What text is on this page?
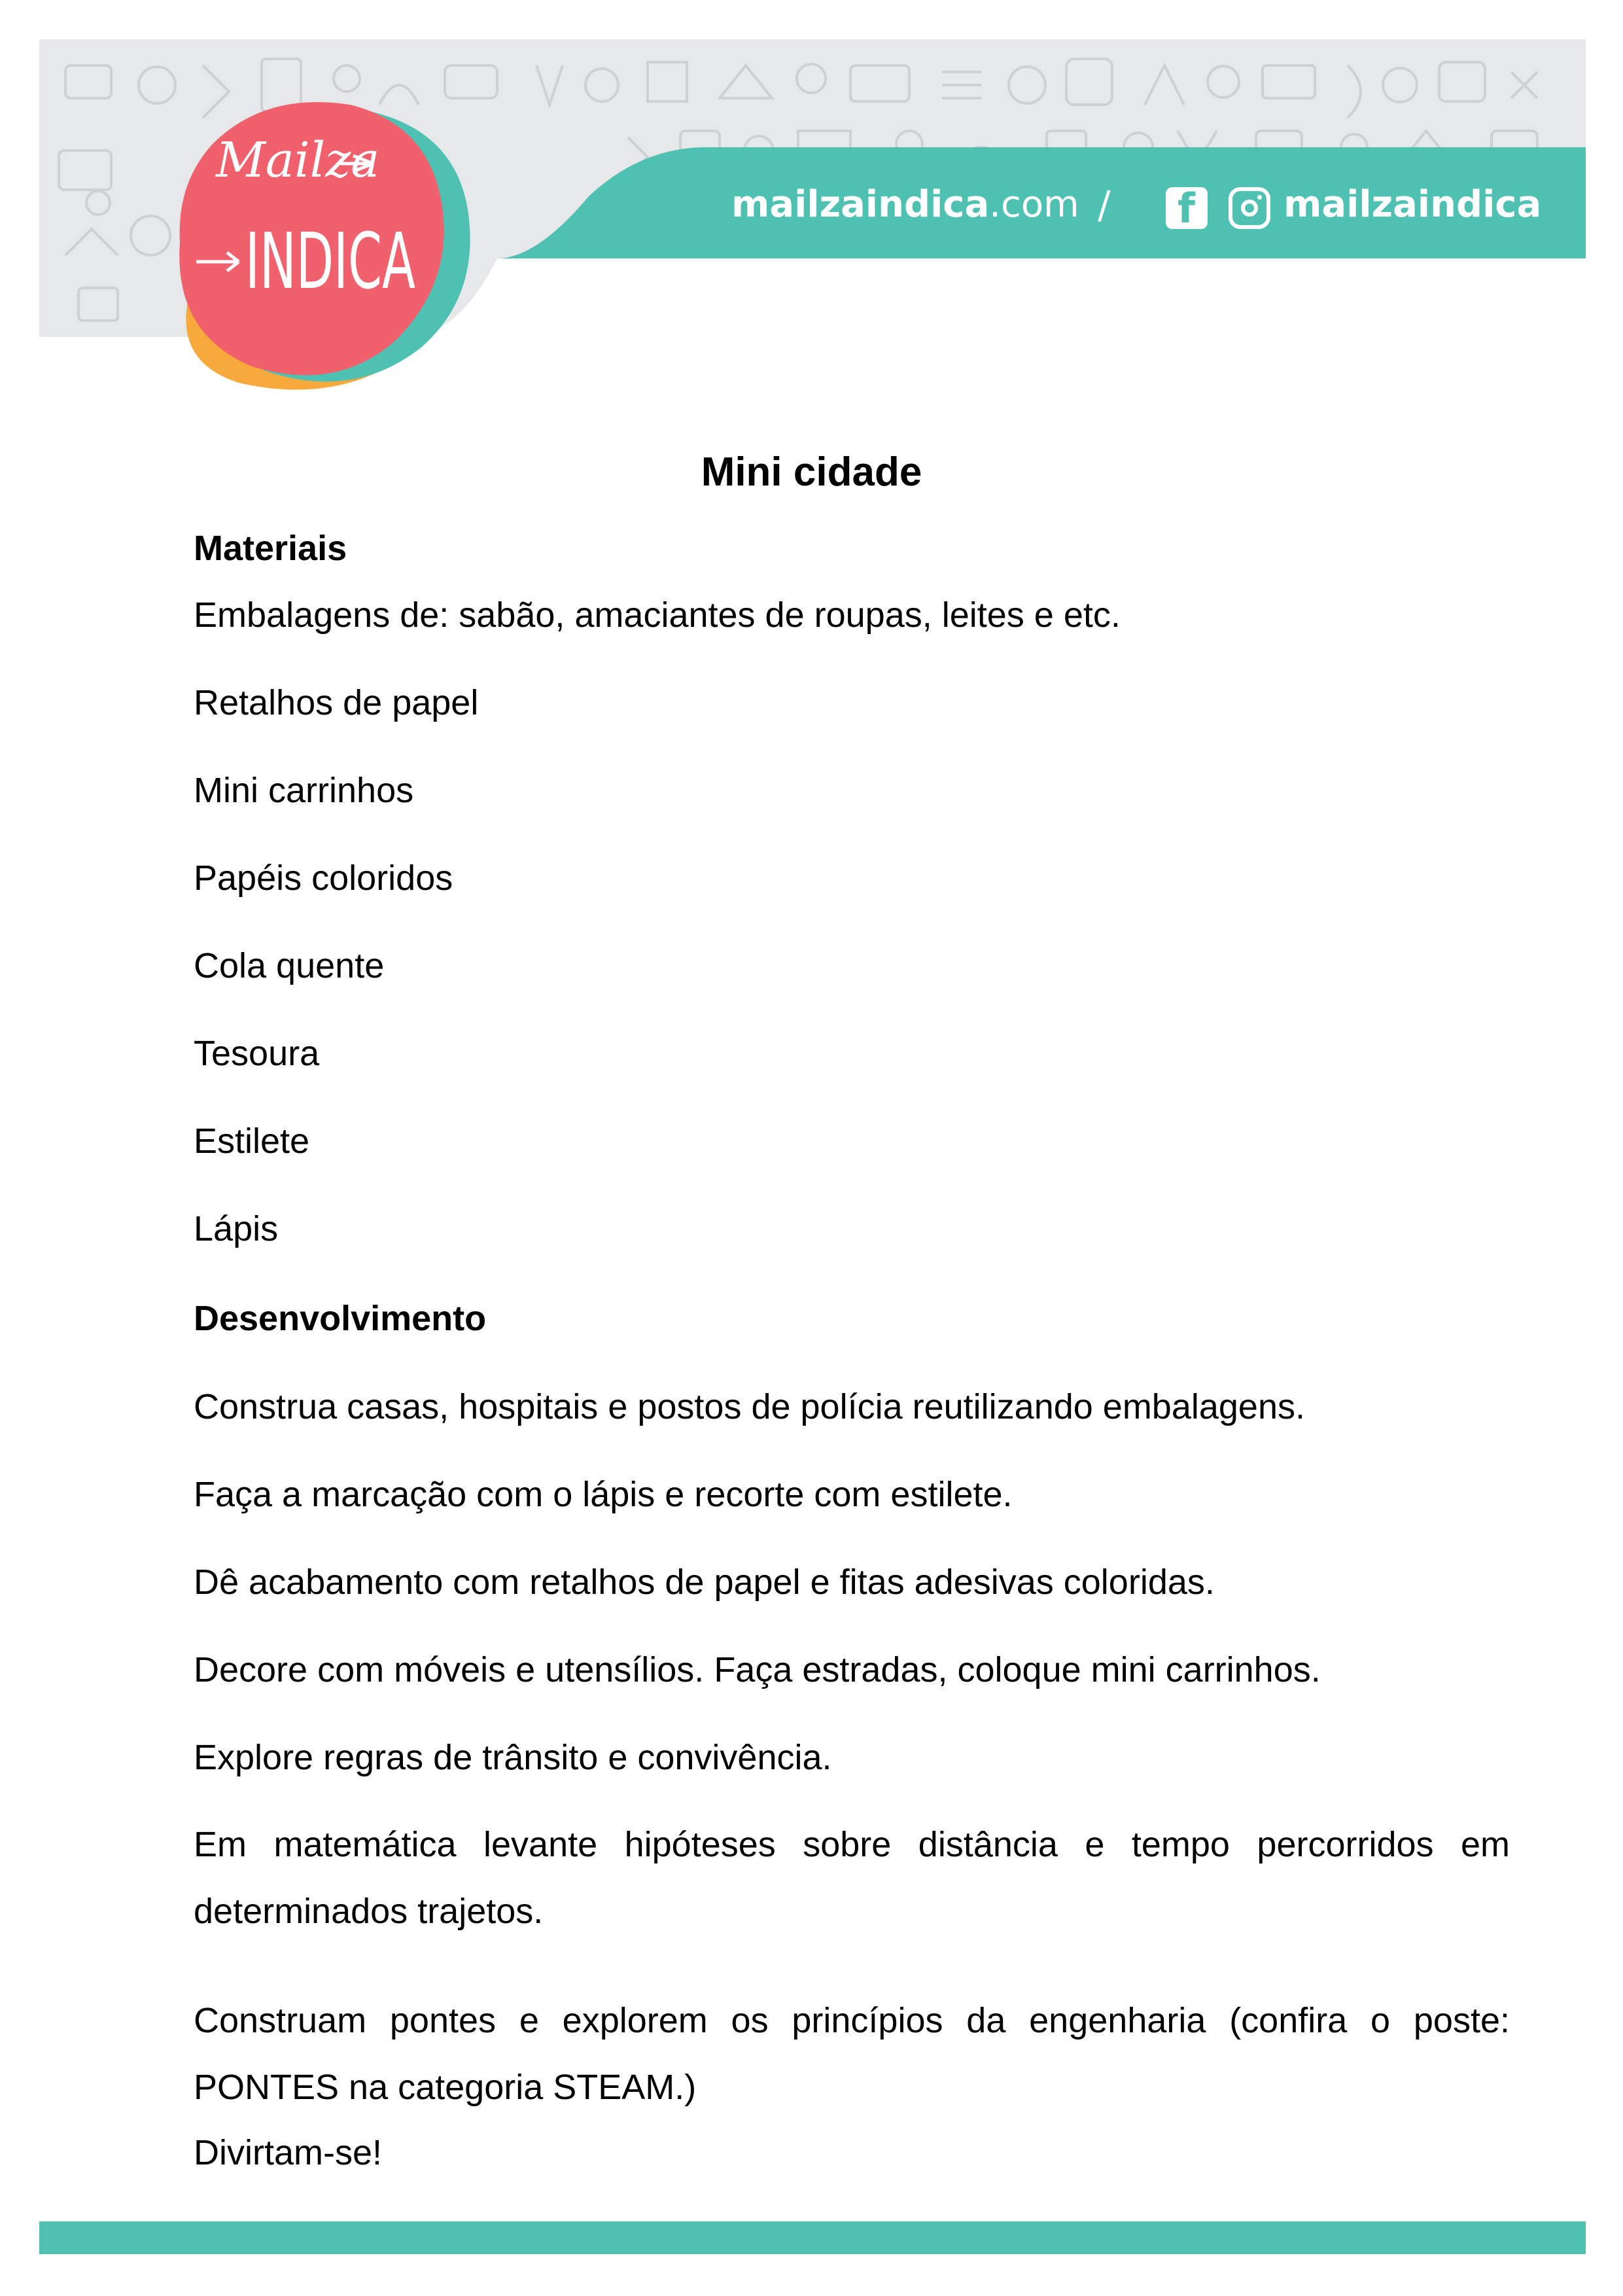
mailzaindica.com / f mailzaindica
Mailza
INDICA
Mini cidade
Materiais
Embalagens de: sabão, amaciantes de roupas, leites e etc.
Retalhos de papel
Mini carrinhos
Papéis coloridos
Cola quente
Tesoura
Estilete
Lápis
Desenvolvimento
Construa casas, hospitais e postos de polícia reutilizando embalagens.
Faça a marcação com o lápis e recorte com estilete.
Dê acabamento com retalhos de papel e fitas adesivas coloridas.
Decore com móveis e utensílios. Faça estradas, coloque mini carrinhos.
Explore regras de trânsito e convivência.
Em matemática levante hipóteses sobre distância e tempo percorridos em determinados trajetos.
Construam pontes e explorem os princípios da engenharia (confira o poste: PONTES na categoria STEAM.)
Divirtam-se!
